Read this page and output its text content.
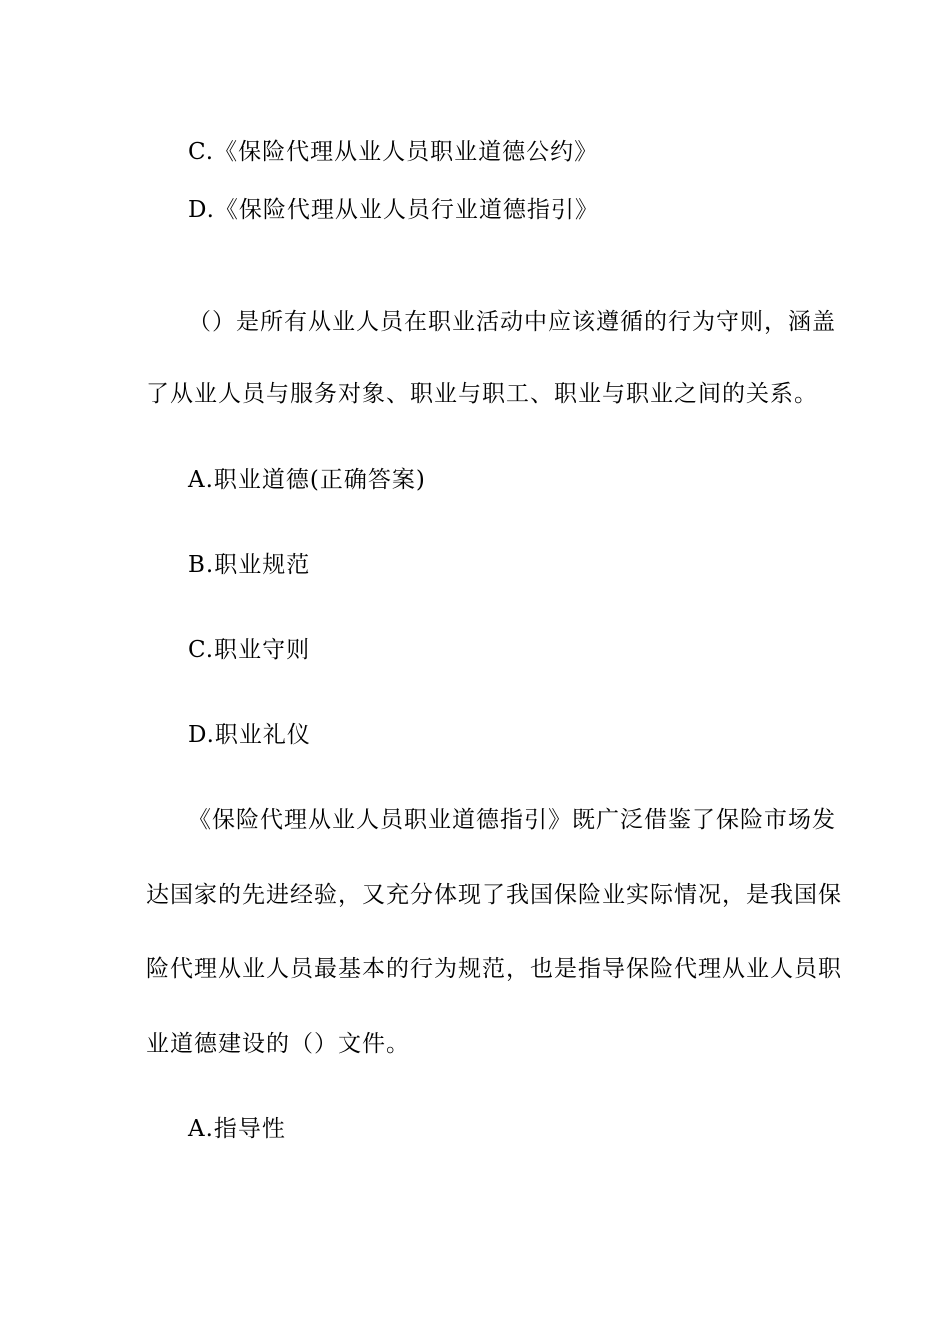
C.《保险代理从业人员职业道德公约》
D.《保险代理从业人员行业道德指引》
（）是所有从业人员在职业活动中应该遵循的行为守则，涵盖
了从业人员与服务对象、职业与职工、职业与职业之间的关系。
A.职业道德(正确答案)
B.职业规范
C.职业守则
D.职业礼仪
《保险代理从业人员职业道德指引》既广泛借鉴了保险市场发
达国家的先进经验，又充分体现了我国保险业实际情况，是我国保
险代理从业人员最基本的行为规范，也是指导保险代理从业人员职
业道德建设的（）文件。
A.指导性
